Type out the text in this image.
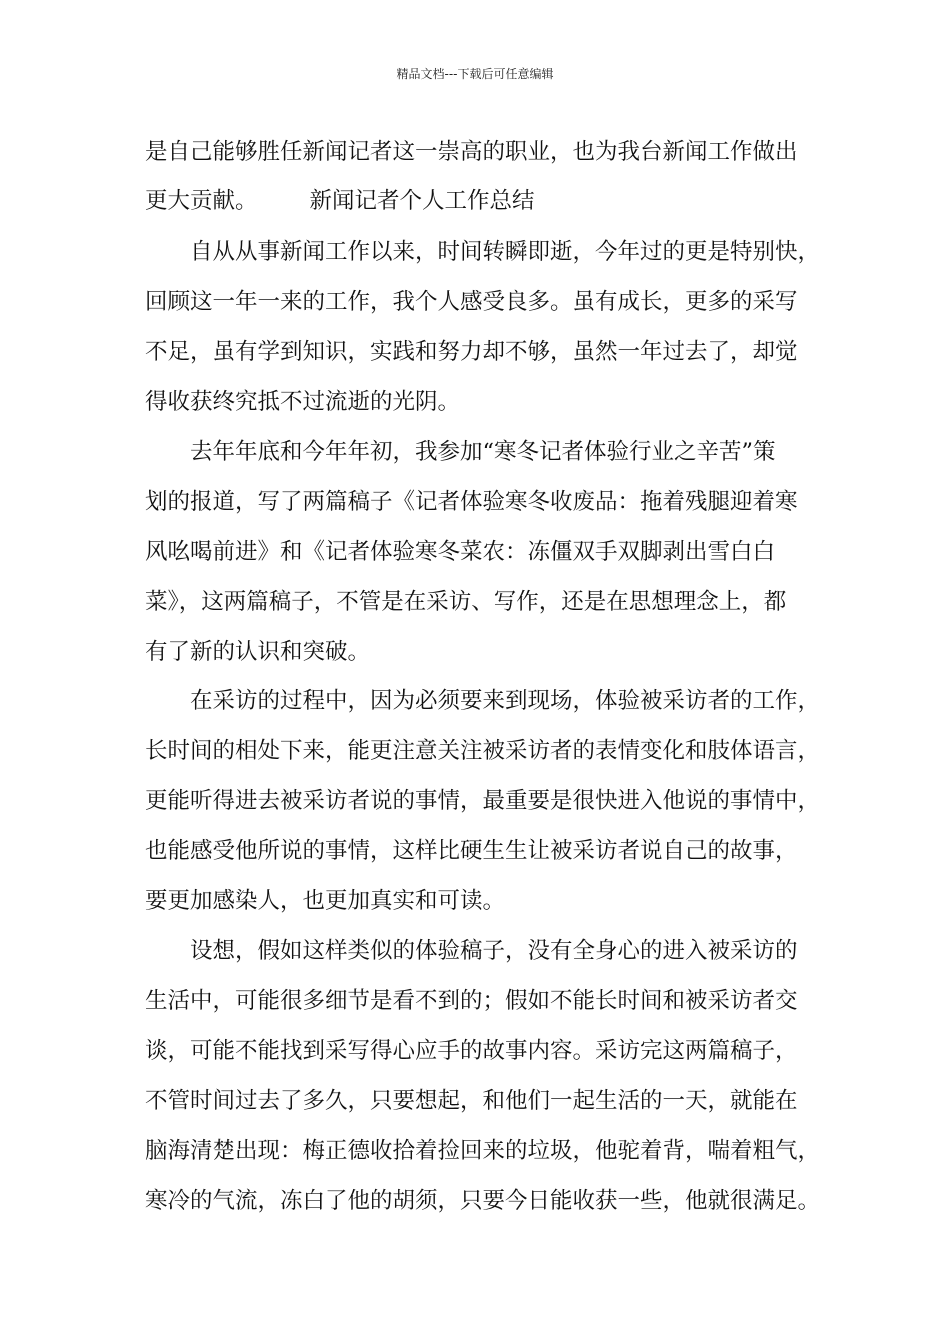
精品文档---下载后可任意编辑
是自己能够胜任新闻记者这一崇高的职业，也为我台新闻工作做出
更大贡献。 新闻记者个人工作总结
自从从事新闻工作以来，时间转瞬即逝，今年过的更是特别快，
回顾这一年一来的工作，我个人感受良多。虽有成长，更多的采写
不足，虽有学到知识，实践和努力却不够，虽然一年过去了，却觉
得收获终究抵不过流逝的光阴。
去年年底和今年年初，我参加“寒冬记者体验行业之辛苦”策
划的报道，写了两篇稿子《记者体验寒冬收废品：拖着残腿迎着寒
风吆喝前进》和《记者体验寒冬菜农：冻僵双手双脚剥出雪白白
菜》，这两篇稿子，不管是在采访、写作，还是在思想理念上，都
有了新的认识和突破。
在采访的过程中，因为必须要来到现场，体验被采访者的工作，
长时间的相处下来，能更注意关注被采访者的表情变化和肢体语言，
更能听得进去被采访者说的事情，最重要是很快进入他说的事情中，
也能感受他所说的事情，这样比硬生生让被采访者说自己的故事，
要更加感染人，也更加真实和可读。
设想，假如这样类似的体验稿子，没有全身心的进入被采访的
生活中，可能很多细节是看不到的；假如不能长时间和被采访者交
谈，可能不能找到采写得心应手的故事内容。采访完这两篇稿子，
不管时间过去了多久，只要想起，和他们一起生活的一天，就能在
脑海清楚出现：梅正德收拾着捡回来的垃圾，他驼着背，喘着粗气，
寒冷的气流，冻白了他的胡须，只要今日能收获一些，他就很满足。
